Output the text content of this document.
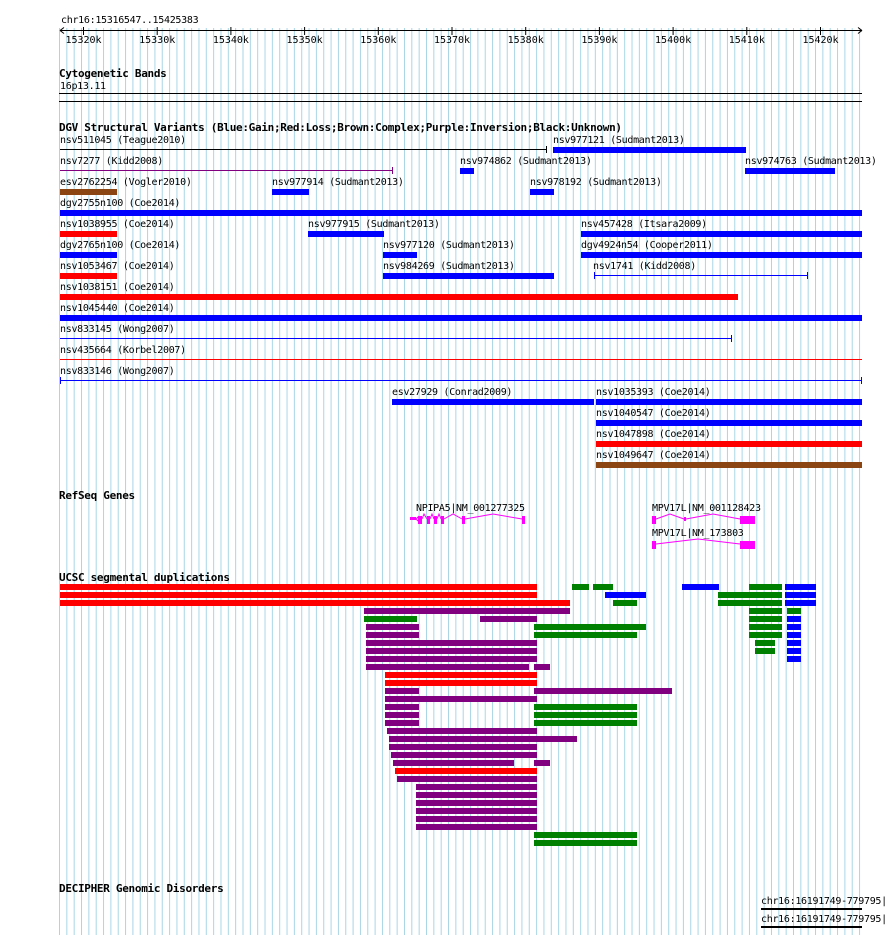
chr16:15316547..15425383
15320k	15330k	15340k	15350k	15360k	15370k	15380k	15390k	15400k	15410k	15420k
Cytogenetic Bands
16p13.11
DGV Structural Variants (Blue:Gain;Red:Loss;Brown:Complex;Purple:Inversion;Black:Unknown)
nsv511045 (Teague2010)	nsv977121 (Sudmant2013)
nsv7277 (Kidd2008)	nsv974862 (Sudmant2013)	nsv974763 (Sudmant2013)
esv2762254 (Vogler2010)	nsv977914 (Sudmant2013)	nsv978192 (Sudmant2013)
dgv2755n100 (Coe2014)
nsv1038955 (Coe2014)	nsv977915 (Sudmant2013)	nsv457428 (Itsara2009)
dgv2765n100 (Coe2014)	nsv977120 (Sudmant2013)	dgv4924n54 (Cooper2011)
nsv1053467 (Coe2014)	nsv984269 (Sudmant2013)	nsv1741 (Kidd2008)
nsv1038151 (Coe2014)
nsv1045440 (Coe2014)
nsv833145 (Wong2007)
nsv435664 (Korbel2007)
nsv833146 (Wong2007)
esv27929 (Conrad2009)	nsv1035393 (Coe2014)
nsv1040547 (Coe2014)
nsv1047898 (Coe2014)
nsv1049647 (Coe2014)
RefSeq Genes
NPIPA5|NM_001277325	MPV17L|NM_001128423
MPV17L|NM_173803
UCSC segmental duplications
DECIPHER Genomic Disorders
chr16:16191749-779795|
chr16:16191749-779795|
